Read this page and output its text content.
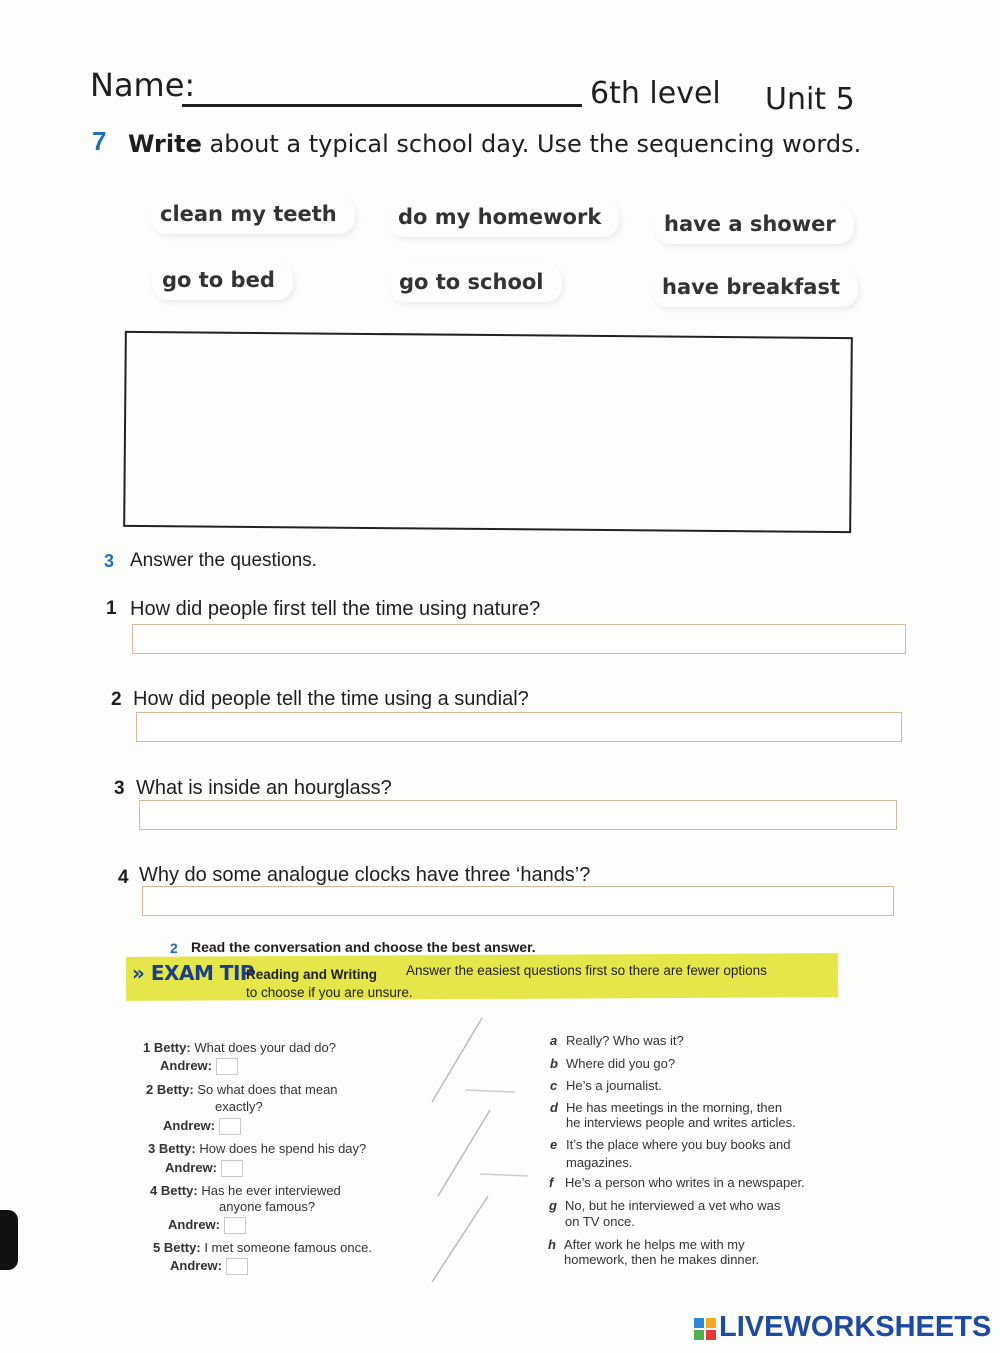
Name:	6th level Unit 5
7 Write about a typical school day. Use the sequencing words.
clean my teeth	do my homework	have a shower
go to bed	go to school	have breakfast
3 Answer the questions.
1 How did people first tell the time using nature?
2 How did people tell the time using a sundial?
3 What is inside an hourglass?
4 Why do some analogue clocks have three ‘hands’?
2 Read the conversation and choose the best answer.
» EXAM TIP
Reading and Writing Answer the easiest questions first so there are fewer options
to choose if you are unsure.
1 Betty: What does your dad do?
Andrew:
2 Betty: So what does that mean
exactly?
Andrew:
3 Betty: How does he spend his day?
Andrew:
4 Betty: Has he ever interviewed
anyone famous?
Andrew:
5 Betty: I met someone famous once.
Andrew:
a Really? Who was it?
b Where did you go?
c He’s a journalist.
d He has meetings in the morning, then
he interviews people and writes articles.
e It’s the place where you buy books and
magazines.
f He’s a person who writes in a newspaper.
g No, but he interviewed a vet who was
on TV once.
h After work he helps me with my
homework, then he makes dinner.
LIVEWORKSHEETS
